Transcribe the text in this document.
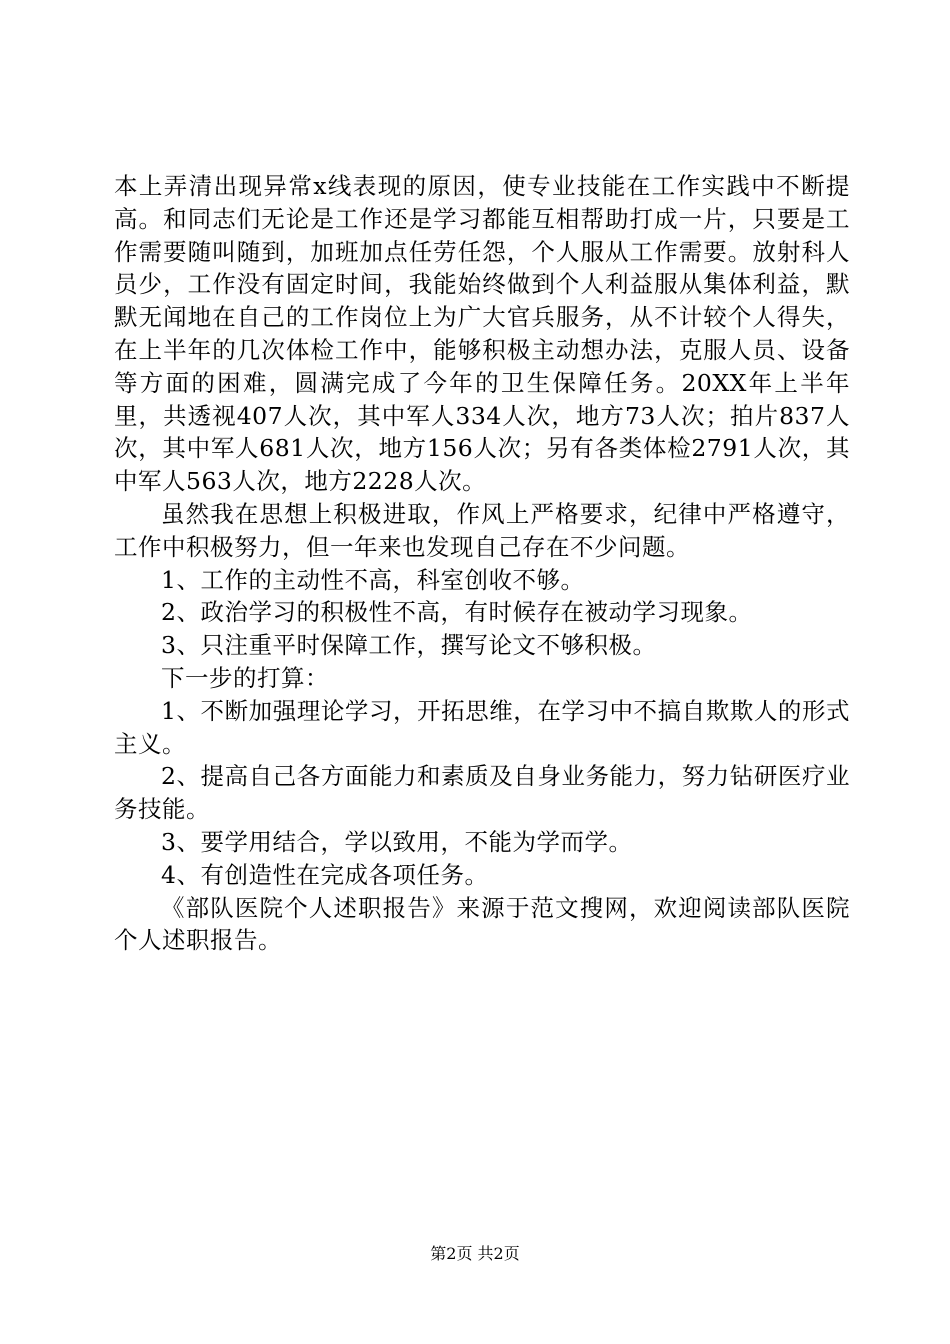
本上弄清出现异常x线表现的原因，使专业技能在工作实践中不断提高。和同志们无论是工作还是学习都能互相帮助打成一片，只要是工作需要随叫随到，加班加点任劳任怨，个人服从工作需要。放射科人员少，工作没有固定时间，我能始终做到个人利益服从集体利益，默默无闻地在自己的工作岗位上为广大官兵服务，从不计较个人得失，在上半年的几次体检工作中，能够积极主动想办法，克服人员、设备等方面的困难，圆满完成了今年的卫生保障任务。20XX年上半年里，共透视407人次，其中军人334人次，地方73人次；拍片837人次，其中军人681人次，地方156人次；另有各类体检2791人次，其中军人563人次，地方2228人次。

虽然我在思想上积极进取，作风上严格要求，纪律中严格遵守，工作中积极努力，但一年来也发现自己存在不少问题。

1、工作的主动性不高，科室创收不够。

2、政治学习的积极性不高，有时候存在被动学习现象。

3、只注重平时保障工作，撰写论文不够积极。

下一步的打算：

1、不断加强理论学习，开拓思维，在学习中不搞自欺欺人的形式主义。

2、提高自己各方面能力和素质及自身业务能力，努力钻研医疗业务技能。

3、要学用结合，学以致用，不能为学而学。

4、有创造性在完成各项任务。

《部队医院个人述职报告》来源于范文搜网，欢迎阅读部队医院个人述职报告。

第2页 共2页
